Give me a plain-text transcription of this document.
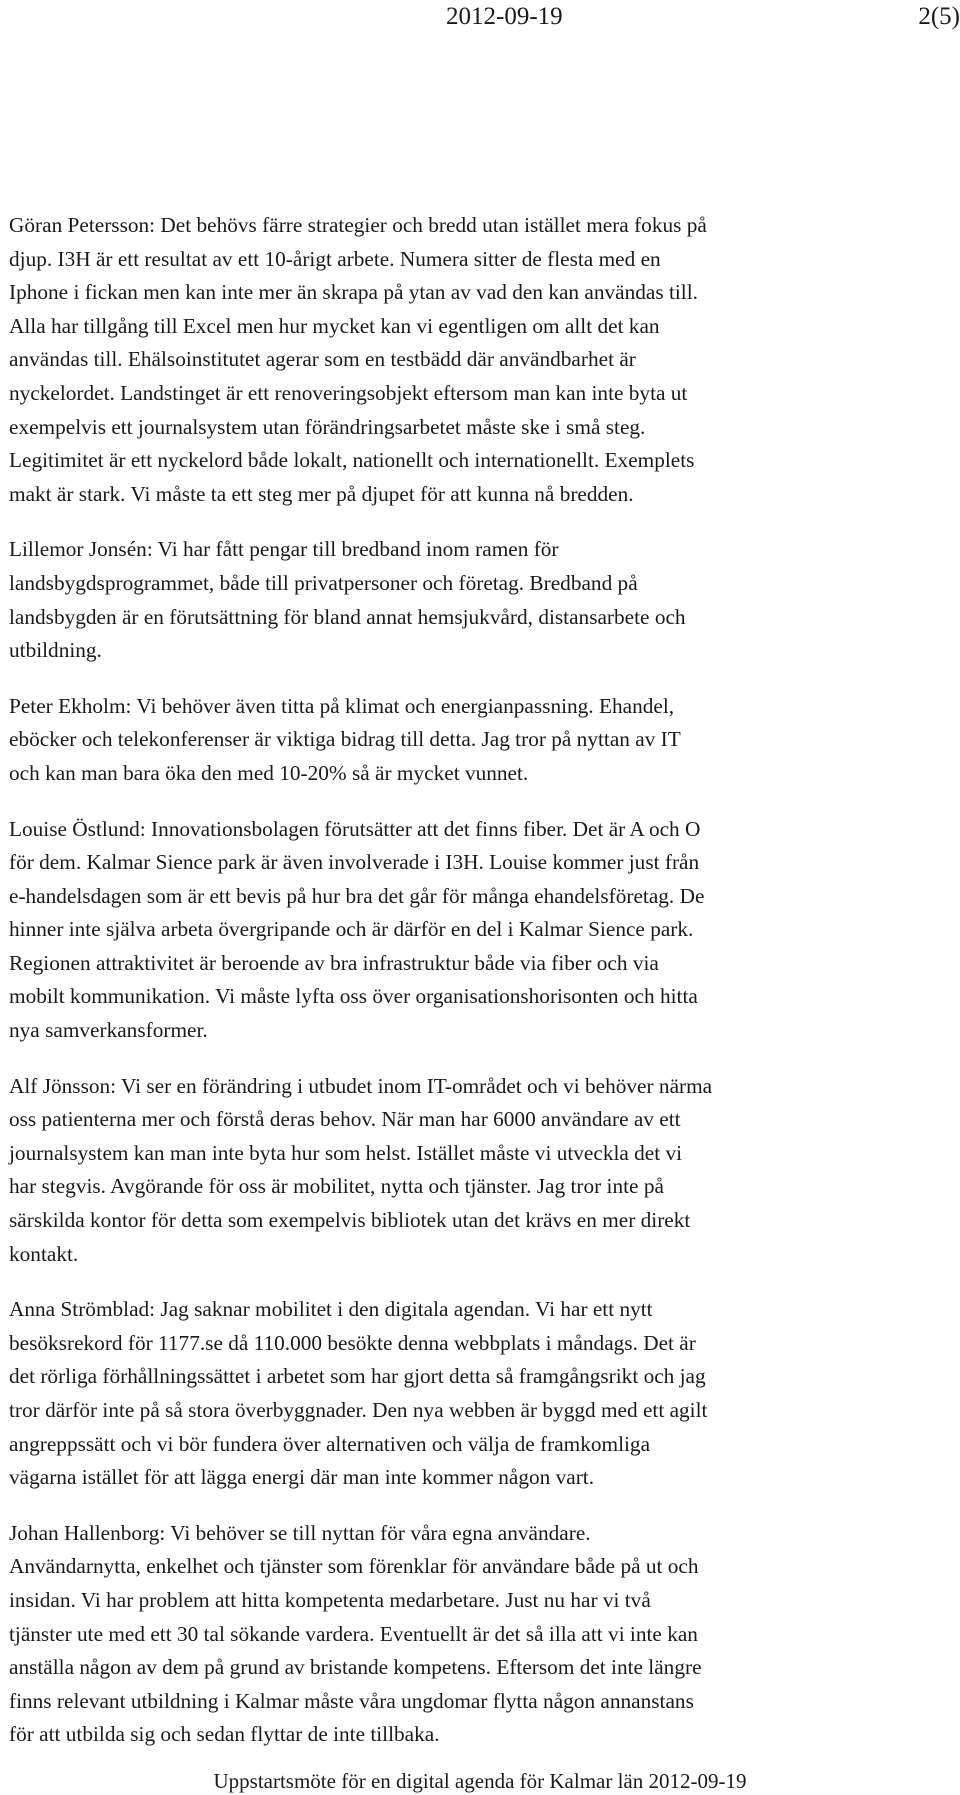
2012-09-19	2(5)

Göran Petersson: Det behövs färre strategier och bredd utan istället mera fokus på
djup. I3H är ett resultat av ett 10-årigt arbete. Numera sitter de flesta med en
Iphone i fickan men kan inte mer än skrapa på ytan av vad den kan användas till.
Alla har tillgång till Excel men hur mycket kan vi egentligen om allt det kan
användas till. Ehälsoinstitutet agerar som en testbädd där användbarhet är
nyckelordet. Landstinget är ett renoveringsobjekt eftersom man kan inte byta ut
exempelvis ett journalsystem utan förändringsarbetet måste ske i små steg.
Legitimitet är ett nyckelord både lokalt, nationellt och internationellt. Exemplets
makt är stark. Vi måste ta ett steg mer på djupet för att kunna nå bredden.

Lillemor Jonsén: Vi har fått pengar till bredband inom ramen för
landsbygdsprogrammet, både till privatpersoner och företag. Bredband på
landsbygden är en förutsättning för bland annat hemsjukvård, distansarbete och
utbildning.

Peter Ekholm: Vi behöver även titta på klimat och energianpassning. Ehandel,
eböcker och telekonferenser är viktiga bidrag till detta. Jag tror på nyttan av IT
och kan man bara öka den med 10-20% så är mycket vunnet.

Louise Östlund: Innovationsbolagen förutsätter att det finns fiber. Det är A och O
för dem. Kalmar Sience park är även involverade i I3H. Louise kommer just från
e-handelsdagen som är ett bevis på hur bra det går för många ehandelsföretag. De
hinner inte själva arbeta övergripande och är därför en del i Kalmar Sience park.
Regionen attraktivitet är beroende av bra infrastruktur både via fiber och via
mobilt kommunikation. Vi måste lyfta oss över organisationshorisonten och hitta
nya samverkansformer.

Alf Jönsson: Vi ser en förändring i utbudet inom IT-området och vi behöver närma
oss patienterna mer och förstå deras behov. När man har 6000 användare av ett
journalsystem kan man inte byta hur som helst. Istället måste vi utveckla det vi
har stegvis. Avgörande för oss är mobilitet, nytta och tjänster. Jag tror inte på
särskilda kontor för detta som exempelvis bibliotek utan det krävs en mer direkt
kontakt.

Anna Strömblad: Jag saknar mobilitet i den digitala agendan. Vi har ett nytt
besöksrekord för 1177.se då 110.000 besökte denna webbplats i måndags. Det är
det rörliga förhållningssättet i arbetet som har gjort detta så framgångsrikt och jag
tror därför inte på så stora överbyggnader. Den nya webben är byggd med ett agilt
angreppssätt och vi bör fundera över alternativen och välja de framkomliga
vägarna istället för att lägga energi där man inte kommer någon vart.

Johan Hallenborg: Vi behöver se till nyttan för våra egna användare.
Användarnytta, enkelhet och tjänster som förenklar för användare både på ut och
insidan. Vi har problem att hitta kompetenta medarbetare. Just nu har vi två
tjänster ute med ett 30 tal sökande vardera. Eventuellt är det så illa att vi inte kan
anställa någon av dem på grund av bristande kompetens. Eftersom det inte längre
finns relevant utbildning i Kalmar måste våra ungdomar flytta någon annanstans
för att utbilda sig och sedan flyttar de inte tillbaka.

Uppstartsmöte för en digital agenda för Kalmar län 2012-09-19
